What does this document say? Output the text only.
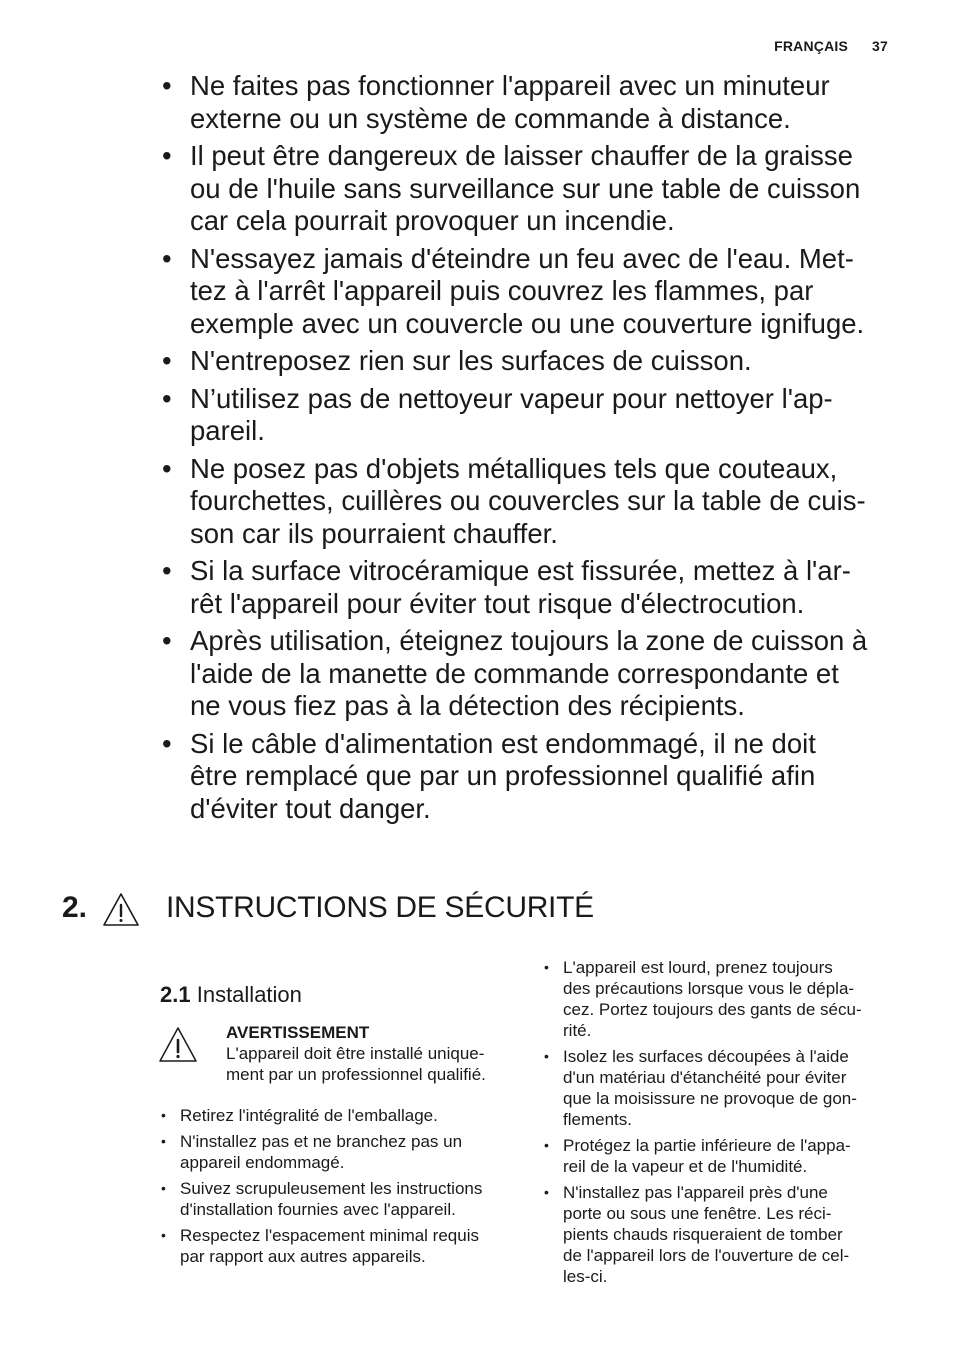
FRANÇAIS 37
• Ne faites pas fonctionner l'appareil avec un minuteur
externe ou un système de commande à distance.
• Il peut être dangereux de laisser chauffer de la graisse
ou de l'huile sans surveillance sur une table de cuisson
car cela pourrait provoquer un incendie.
• N'essayez jamais d'éteindre un feu avec de l'eau. Met-
tez à l'arrêt l'appareil puis couvrez les flammes, par
exemple avec un couvercle ou une couverture ignifuge.
• N'entreposez rien sur les surfaces de cuisson.
• N’utilisez pas de nettoyeur vapeur pour nettoyer l'ap-
pareil.
• Ne posez pas d'objets métalliques tels que couteaux,
fourchettes, cuillères ou couvercles sur la table de cuis-
son car ils pourraient chauffer.
• Si la surface vitrocéramique est fissurée, mettez à l'ar-
rêt l'appareil pour éviter tout risque d'électrocution.
• Après utilisation, éteignez toujours la zone de cuisson à
l'aide de la manette de commande correspondante et
ne vous fiez pas à la détection des récipients.
• Si le câble d'alimentation est endommagé, il ne doit
être remplacé que par un professionnel qualifié afin
d'éviter tout danger.
2.	INSTRUCTIONS DE SÉCURITÉ
2.1 Installation
AVERTISSEMENT
L'appareil doit être installé unique-
ment par un professionnel qualifié.
• Retirez l'intégralité de l'emballage.
• N'installez pas et ne branchez pas un
appareil endommagé.
• Suivez scrupuleusement les instructions
d'installation fournies avec l'appareil.
• Respectez l'espacement minimal requis
par rapport aux autres appareils.
• L'appareil est lourd, prenez toujours
des précautions lorsque vous le dépla-
cez. Portez toujours des gants de sécu-
rité.
• Isolez les surfaces découpées à l'aide
d'un matériau d'étanchéité pour éviter
que la moisissure ne provoque de gon-
flements.
• Protégez la partie inférieure de l'appa-
reil de la vapeur et de l'humidité.
• N'installez pas l'appareil près d'une
porte ou sous une fenêtre. Les réci-
pients chauds risqueraient de tomber
de l'appareil lors de l'ouverture de cel-
les-ci.
